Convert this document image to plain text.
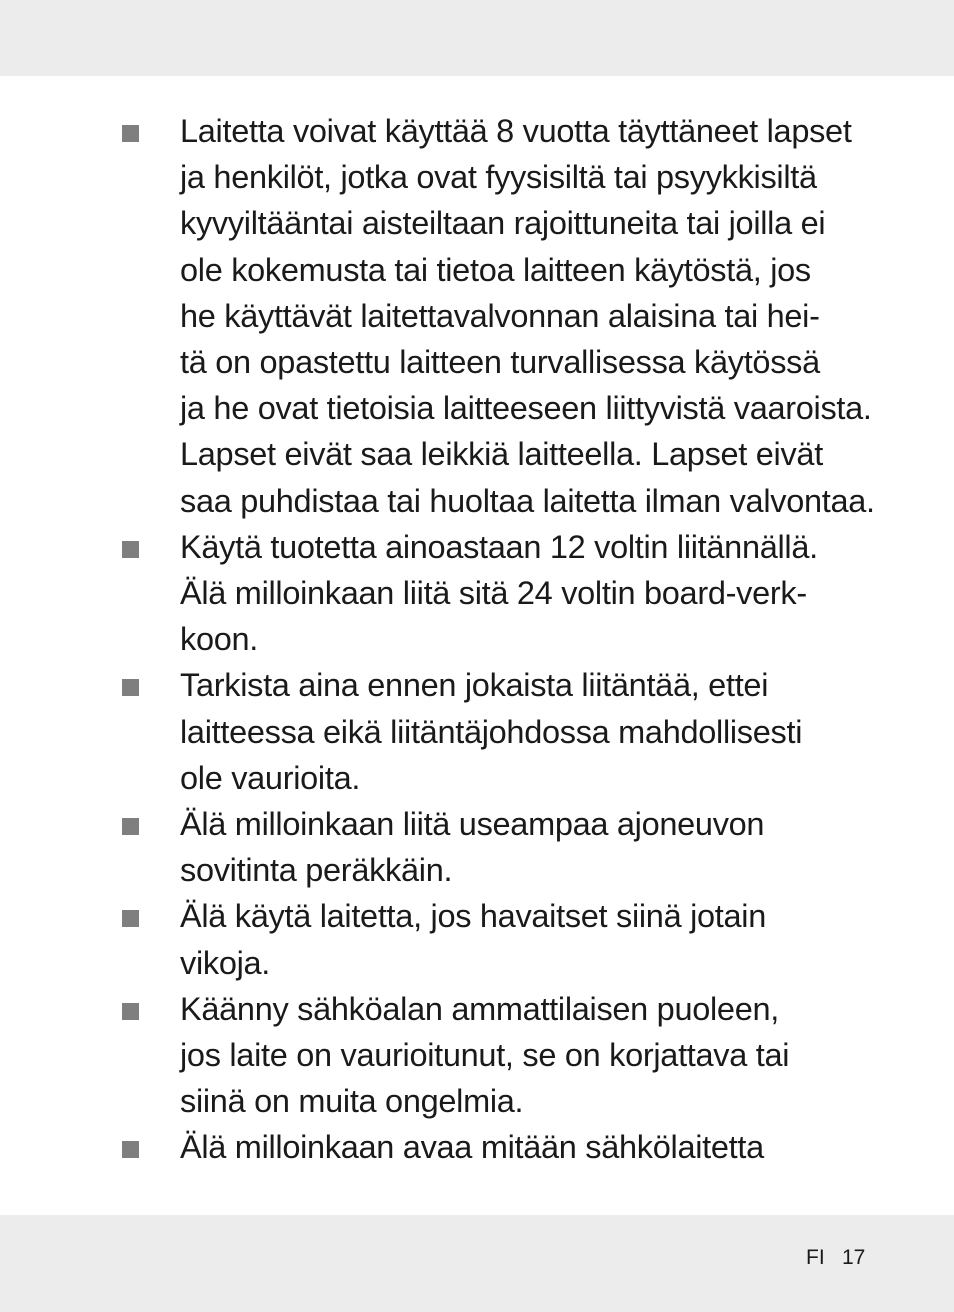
Laitetta voivat käyttää 8 vuotta täyttäneet lapset
ja henkilöt, jotka ovat fyysisiltä tai psyykkisiltä
kyvyiltääntai aisteiltaan rajoittuneita tai joilla ei
ole kokemusta tai tietoa laitteen käytöstä, jos
he käyttävät laitettavalvonnan alaisina tai hei-
tä on opastettu laitteen turvallisessa käytössä
ja he ovat tietoisia laitteeseen liittyvistä vaaroista.
Lapset eivät saa leikkiä laitteella. Lapset eivät
saa puhdistaa tai huoltaa laitetta ilman valvontaa.
Käytä tuotetta ainoastaan 12 voltin liitännällä.
Älä milloinkaan liitä sitä 24 voltin board-verk-
koon.
Tarkista aina ennen jokaista liitäntää, ettei
laitteessa eikä liitäntäjohdossa mahdollisesti
ole vaurioita.
Älä milloinkaan liitä useampaa ajoneuvon
sovitinta peräkkäin.
Älä käytä laitetta, jos havaitset siinä jotain
vikoja.
Käänny sähköalan ammattilaisen puoleen,
jos laite on vaurioitunut, se on korjattava tai
siinä on muita ongelmia.
Älä milloinkaan avaa mitään sähkölaitetta
FI 17
